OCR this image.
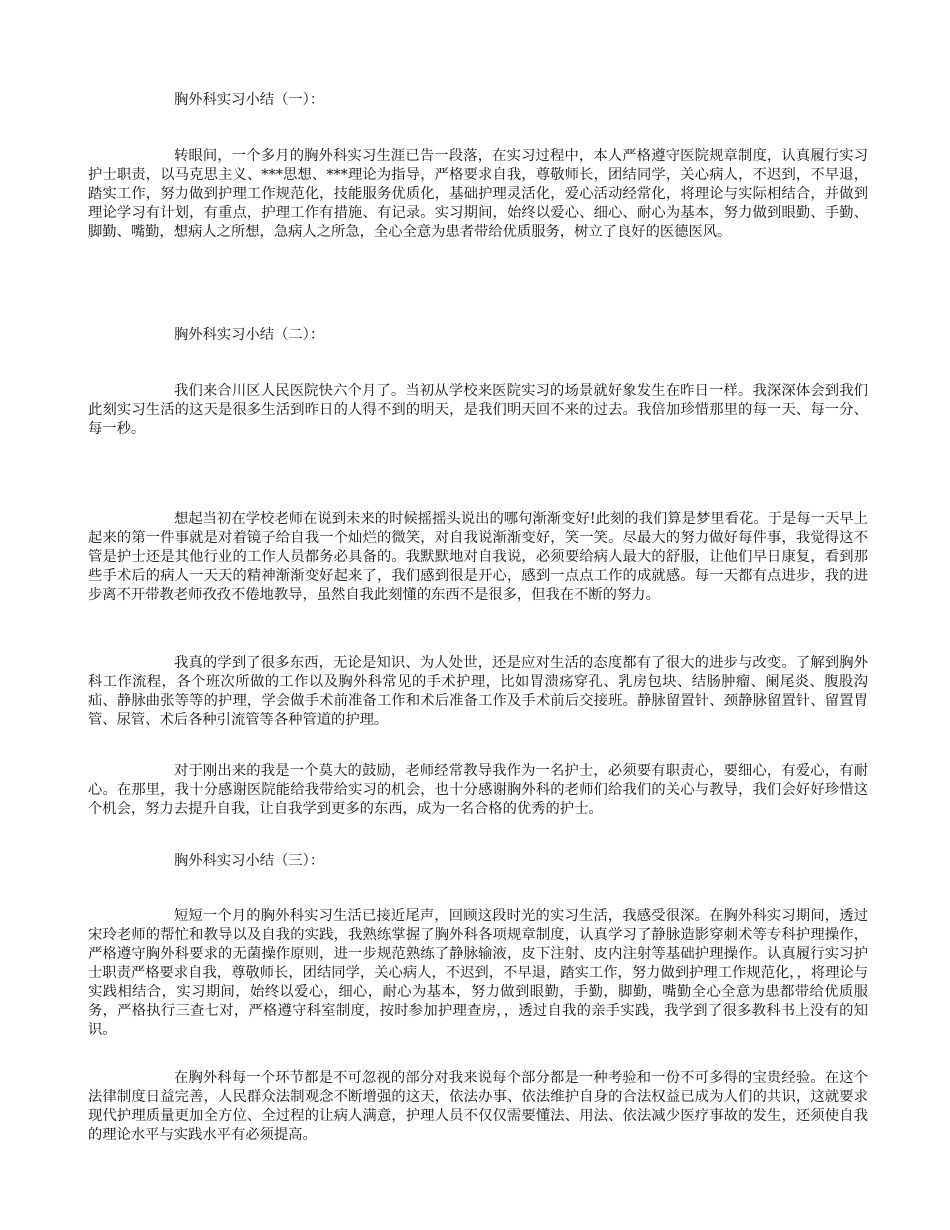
胸外科实习小结（一）：

转眼间，一个多月的胸外科实习生涯已告一段落，在实习过程中，本人严格遵守医院规章制度，认真履行实习护士职责，以马克思主义、***思想、***理论为指导，严格要求自我，尊敬师长，团结同学，关心病人，不迟到，不早退，踏实工作，努力做到护理工作规范化，技能服务优质化，基础护理灵活化，爱心活动经常化，将理论与实际相结合，并做到理论学习有计划，有重点，护理工作有措施、有记录。实习期间，始终以爱心、细心、耐心为基本，努力做到眼勤、手勤、脚勤、嘴勤，想病人之所想，急病人之所急，全心全意为患者带给优质服务，树立了良好的医德医风。

胸外科实习小结（二）：

我们来合川区人民医院快六个月了。当初从学校来医院实习的场景就好象发生在昨日一样。我深深体会到我们此刻实习生活的这天是很多生活到昨日的人得不到的明天，是我们明天回不来的过去。我倍加珍惜那里的每一天、每一分、每一秒。

想起当初在学校老师在说到未来的时候摇摇头说出的哪句渐渐变好!此刻的我们算是梦里看花。于是每一天早上起来的第一件事就是对着镜子给自我一个灿烂的微笑，对自我说渐渐变好，笑一笑。尽最大的努力做好每件事，我觉得这不管是护士还是其他行业的工作人员都务必具备的。我默默地对自我说，必须要给病人最大的舒服，让他们早日康复，看到那些手术后的病人一天天的精神渐渐变好起来了，我们感到很是开心，感到一点点工作的成就感。每一天都有点进步，我的进步离不开带教老师孜孜不倦地教导，虽然自我此刻懂的东西不是很多，但我在不断的努力。

我真的学到了很多东西，无论是知识、为人处世，还是应对生活的态度都有了很大的进步与改变。了解到胸外科工作流程，各个班次所做的工作以及胸外科常见的手术护理，比如胃溃疡穿孔、乳房包块、结肠肿瘤、阑尾炎、腹股沟疝、静脉曲张等等的护理，学会做手术前准备工作和术后准备工作及手术前后交接班。静脉留置针、颈静脉留置针、留置胃管、尿管、术后各种引流管等各种管道的护理。

对于刚出来的我是一个莫大的鼓励，老师经常教导我作为一名护士，必须要有职责心，要细心，有爱心，有耐心。在那里，我十分感谢医院能给我带给实习的机会，也十分感谢胸外科的老师们给我们的关心与教导，我们会好好珍惜这个机会，努力去提升自我，让自我学到更多的东西，成为一名合格的优秀的护士。

胸外科实习小结（三）：

短短一个月的胸外科实习生活已接近尾声，回顾这段时光的实习生活，我感受很深。在胸外科实习期间，透过宋玲老师的帮忙和教导以及自我的实践，我熟练掌握了胸外科各项规章制度，认真学习了静脉造影穿刺术等专科护理操作，严格遵守胸外科要求的无菌操作原则，进一步规范熟练了静脉输液，皮下注射、皮内注射等基础护理操作。认真履行实习护士职责严格要求自我，尊敬师长，团结同学，关心病人，不迟到，不早退，踏实工作，努力做到护理工作规范化，，将理论与实践相结合，实习期间，始终以爱心，细心，耐心为基本，努力做到眼勤，手勤，脚勤，嘴勤全心全意为患都带给优质服务，严格执行三查七对，严格遵守科室制度，按时参加护理查房，，透过自我的亲手实践，我学到了很多教科书上没有的知识。

在胸外科每一个环节都是不可忽视的部分对我来说每个部分都是一种考验和一份不可多得的宝贵经验。在这个法律制度日益完善，人民群众法制观念不断增强的这天，依法办事、依法维护自身的合法权益已成为人们的共识，这就要求现代护理质量更加全方位、全过程的让病人满意，护理人员不仅仅需要懂法、用法、依法减少医疗事故的发生，还须使自我的理论水平与实践水平有必须提高。
